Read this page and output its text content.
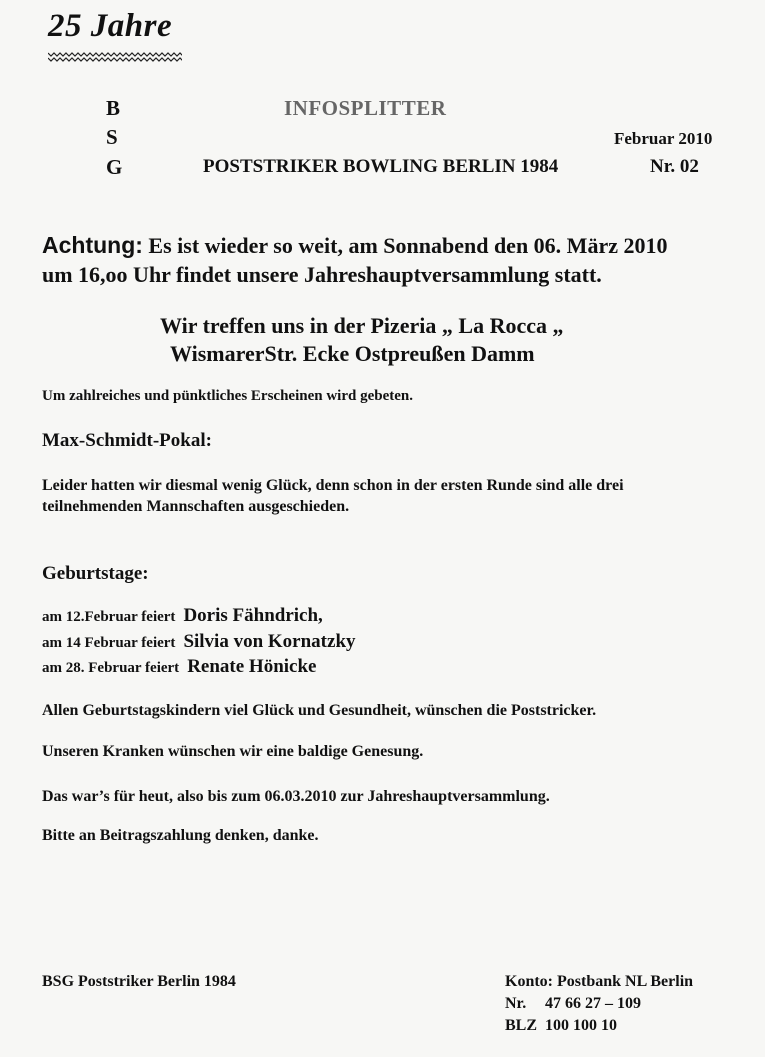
25 Jahre
B
S
G
INFOSPLITTER
Februar 2010
POSTSTRIKER BOWLING BERLIN 1984	Nr. 02
Achtung: Es ist wieder so weit, am Sonnabend den 06. März 2010
um 16,oo Uhr findet unsere Jahreshauptversammlung statt.
Wir treffen uns in der Pizeria „ La Rocca „
WismarerStr. Ecke Ostpreußen Damm
Um zahlreiches und pünktliches Erscheinen wird gebeten.
Max-Schmidt-Pokal:
Leider hatten wir diesmal wenig Glück, denn schon in der ersten Runde sind alle drei
teilnehmenden Mannschaften ausgeschieden.
Geburtstage:
am 12.Februar feiert Doris Fähndrich,
am 14 Februar feiert Silvia von Kornatzky
am 28. Februar feiert Renate Hönicke
Allen Geburtstagskindern viel Glück und Gesundheit, wünschen die Poststricker.
Unseren Kranken wünschen wir eine baldige Genesung.
Das war’s für heut, also bis zum 06.03.2010 zur Jahreshauptversammlung.
Bitte an Beitragszahlung denken, danke.
BSG Poststriker Berlin 1984	Konto: Postbank NL Berlin
Nr. 47 66 27 – 109
BLZ 100 100 10
